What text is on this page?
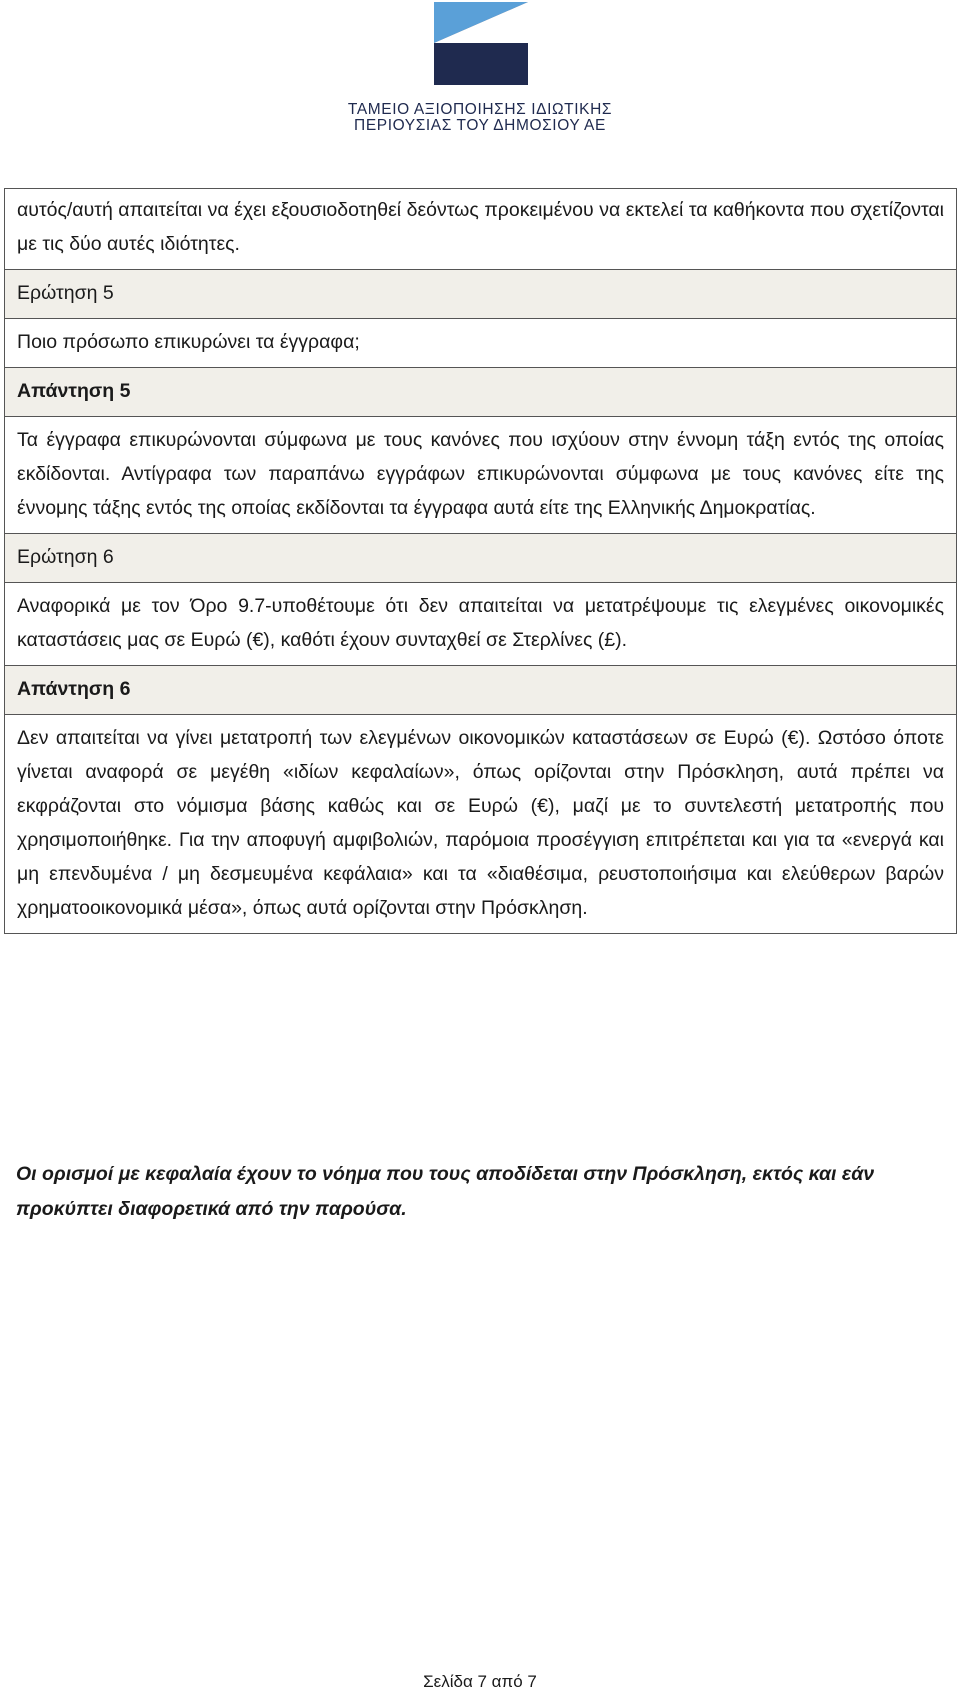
ΤΑΜΕΙΟ ΑΞΙΟΠΟΙΗΣΗΣ ΙΔΙΩΤΙΚΗΣ
ΠΕΡΙΟΥΣΙΑΣ ΤΟΥ ΔΗΜΟΣΙΟΥ ΑΕ

αυτός/αυτή απαιτείται να έχει εξουσιοδοτηθεί δεόντως προκειμένου να εκτελεί τα καθήκοντα που σχετίζονται με τις δύο αυτές ιδιότητες.

Ερώτηση 5

Ποιο πρόσωπο επικυρώνει τα έγγραφα;

Απάντηση 5

Τα έγγραφα επικυρώνονται σύμφωνα με τους κανόνες που ισχύουν στην έννομη τάξη εντός της οποίας εκδίδονται. Αντίγραφα των παραπάνω εγγράφων επικυρώνονται σύμφωνα με τους κανόνες είτε της έννομης τάξης εντός της οποίας εκδίδονται τα έγγραφα αυτά είτε της Ελληνικής Δημοκρατίας.

Ερώτηση 6

Αναφορικά με τον Όρο 9.7-υποθέτουμε ότι δεν απαιτείται να μετατρέψουμε τις ελεγμένες οικονομικές καταστάσεις μας σε Ευρώ (€), καθότι έχουν συνταχθεί σε Στερλίνες (£).

Απάντηση 6

Δεν απαιτείται να γίνει μετατροπή των ελεγμένων οικονομικών καταστάσεων σε Ευρώ (€). Ωστόσο όποτε γίνεται αναφορά σε μεγέθη «ιδίων κεφαλαίων», όπως ορίζονται στην Πρόσκληση, αυτά πρέπει να εκφράζονται στο νόμισμα βάσης καθώς και σε Ευρώ (€), μαζί με το συντελεστή μετατροπής που χρησιμοποιήθηκε. Για την αποφυγή αμφιβολιών, παρόμοια προσέγγιση επιτρέπεται και για τα «ενεργά και μη επενδυμένα / μη δεσμευμένα κεφάλαια» και τα «διαθέσιμα, ρευστοποιήσιμα και ελεύθερων βαρών χρηματοοικονομικά μέσα», όπως αυτά ορίζονται στην Πρόσκληση.

Οι ορισμοί με κεφαλαία έχουν το νόημα που τους αποδίδεται στην Πρόσκληση, εκτός και εάν προκύπτει διαφορετικά από την παρούσα.

Σελίδα 7 από 7
